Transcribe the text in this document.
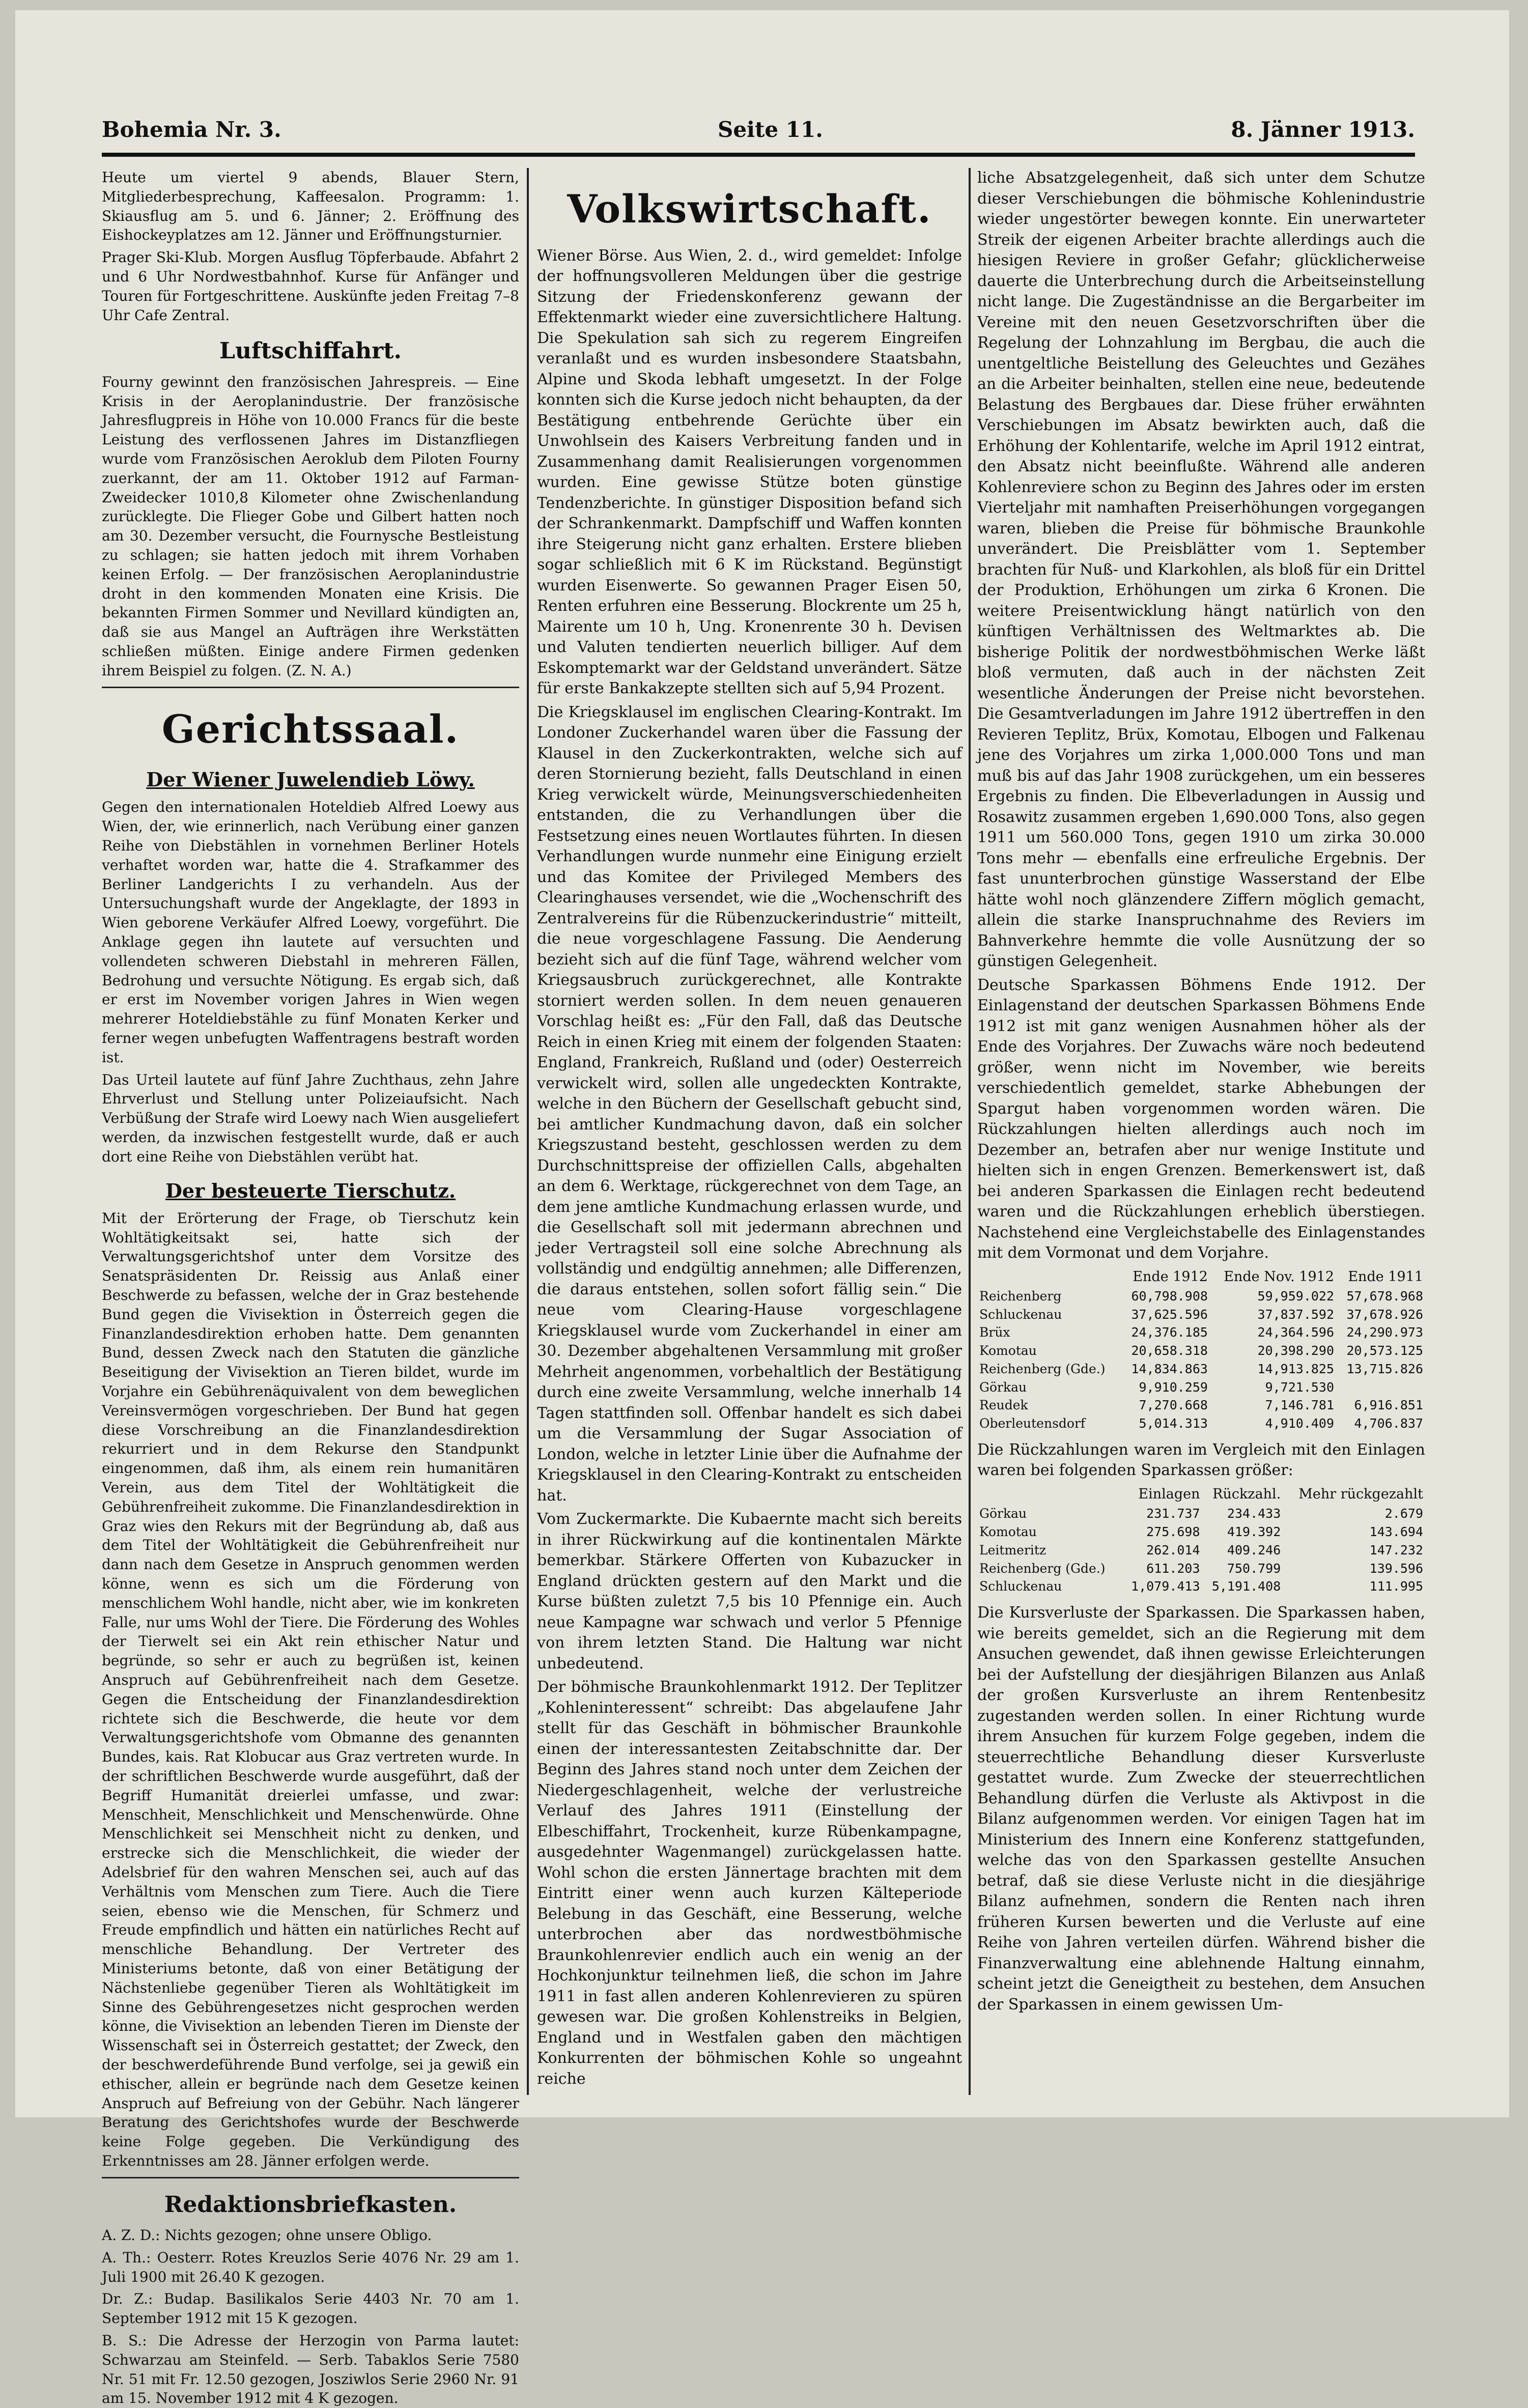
Bohemia Nr. 3.	Seite 11.	8. Jänner 1913.

Heute um viertel 9 abends, Blauer Stern, Mitgliederbesprechung, Kaffeesalon. Programm: 1. Skiausflug am 5. und 6. Jänner; 2. Eröffnung des Eishockeyplatzes am 12. Jänner und Eröffnungsturnier.

Prager Ski-Klub. Morgen Ausflug Töpferbaude. Abfahrt 2 und 6 Uhr Nordwestbahnhof. Kurse für Anfänger und Touren für Fortgeschrittene. Auskünfte jeden Freitag 7–8 Uhr Cafe Zentral.

Luftschiffahrt.

Fourny gewinnt den französischen Jahrespreis. — Eine Krisis in der Aeroplanindustrie. Der französische Jahresflugpreis in Höhe von 10.000 Francs für die beste Leistung des verflossenen Jahres im Distanzfliegen wurde vom Französischen Aeroklub dem Piloten Fourny zuerkannt, der am 11. Oktober 1912 auf Farman-Zweidecker 1010,8 Kilometer ohne Zwischenlandung zurücklegte. Die Flieger Gobe und Gilbert hatten noch am 30. Dezember versucht, die Fournysche Bestleistung zu schlagen; sie hatten jedoch mit ihrem Vorhaben keinen Erfolg. — Der französischen Aeroplanindustrie droht in den kommenden Monaten eine Krisis. Die bekannten Firmen Sommer und Nevillard kündigten an, daß sie aus Mangel an Aufträgen ihre Werkstätten schließen müßten. Einige andere Firmen gedenken ihrem Beispiel zu folgen. (Z. N. A.)

Gerichtssaal.
Der Wiener Juwelendieb Löwy.

Gegen den internationalen Hoteldieb Alfred Loewy aus Wien, der, wie erinnerlich, nach Verübung einer ganzen Reihe von Diebstählen in vornehmen Berliner Hotels verhaftet worden war, hatte die 4. Strafkammer des Berliner Landgerichts I zu verhandeln. Aus der Untersuchungshaft wurde der Angeklagte, der 1893 in Wien geborene Verkäufer Alfred Loewy, vorgeführt. Die Anklage gegen ihn lautete auf versuchten und vollendeten schweren Diebstahl in mehreren Fällen, Bedrohung und versuchte Nötigung. Es ergab sich, daß er erst im November vorigen Jahres in Wien wegen mehrerer Hoteldiebstähle zu fünf Monaten Kerker und ferner wegen unbefugten Waffentragens bestraft worden ist.

Das Urteil lautete auf fünf Jahre Zuchthaus, zehn Jahre Ehrverlust und Stellung unter Polizeiaufsicht. Nach Verbüßung der Strafe wird Loewy nach Wien ausgeliefert werden, da inzwischen festgestellt wurde, daß er auch dort eine Reihe von Diebstählen verübt hat.

Der besteuerte Tierschutz.

Mit der Erörterung der Frage, ob Tierschutz kein Wohltätigkeitsakt sei, hatte sich der Verwaltungsgerichtshof unter dem Vorsitze des Senatspräsidenten Dr. Reissig aus Anlaß einer Beschwerde zu befassen, welche der in Graz bestehende Bund gegen die Vivisektion in Österreich gegen die Finanzlandesdirektion erhoben hatte. Dem genannten Bund, dessen Zweck nach den Statuten die gänzliche Beseitigung der Vivisektion an Tieren bildet, wurde im Vorjahre ein Gebührenäquivalent von dem beweglichen Vereinsvermögen vorgeschrieben. Der Bund hat gegen diese Vorschreibung an die Finanzlandesdirektion rekurriert und in dem Rekurse den Standpunkt eingenommen, daß ihm, als einem rein humanitären Verein, aus dem Titel der Wohltätigkeit die Gebührenfreiheit zukomme. Die Finanzlandesdirektion in Graz wies den Rekurs mit der Begründung ab, daß aus dem Titel der Wohltätigkeit die Gebührenfreiheit nur dann nach dem Gesetze in Anspruch genommen werden könne, wenn es sich um die Förderung von menschlichem Wohl handle, nicht aber, wie im konkreten Falle, nur ums Wohl der Tiere. Die Förderung des Wohles der Tierwelt sei ein Akt rein ethischer Natur und begründe, so sehr er auch zu begrüßen ist, keinen Anspruch auf Gebührenfreiheit nach dem Gesetze. Gegen die Entscheidung der Finanzlandesdirektion richtete sich die Beschwerde, die heute vor dem Verwaltungsgerichtshofe vom Obmanne des genannten Bundes, kais. Rat Klobucar aus Graz vertreten wurde. In der schriftlichen Beschwerde wurde ausgeführt, daß der Begriff Humanität dreierlei umfasse, und zwar: Menschheit, Menschlichkeit und Menschenwürde. Ohne Menschlichkeit sei Menschheit nicht zu denken, und erstrecke sich die Menschlichkeit, die wieder der Adelsbrief für den wahren Menschen sei, auch auf das Verhältnis vom Menschen zum Tiere. Auch die Tiere seien, ebenso wie die Menschen, für Schmerz und Freude empfindlich und hätten ein natürliches Recht auf menschliche Behandlung. Der Vertreter des Ministeriums betonte, daß von einer Betätigung der Nächstenliebe gegenüber Tieren als Wohltätigkeit im Sinne des Gebührengesetzes nicht gesprochen werden könne, die Vivisektion an lebenden Tieren im Dienste der Wissenschaft sei in Österreich gestattet; der Zweck, den der beschwerdeführende Bund verfolge, sei ja gewiß ein ethischer, allein er begründe nach dem Gesetze keinen Anspruch auf Befreiung von der Gebühr. Nach längerer Beratung des Gerichtshofes wurde der Beschwerde keine Folge gegeben. Die Verkündigung des Erkenntnisses am 28. Jänner erfolgen werde.

Redaktionsbriefkasten.

A. Z. D.: Nichts gezogen; ohne unsere Obligo.

A. Th.: Oesterr. Rotes Kreuzlos Serie 4076 Nr. 29 am 1. Juli 1900 mit 26.40 K gezogen.

Dr. Z.: Budap. Basilikalos Serie 4403 Nr. 70 am 1. September 1912 mit 15 K gezogen.

B. S.: Die Adresse der Herzogin von Parma lautet: Schwarzau am Steinfeld. — Serb. Tabaklos Serie 7580 Nr. 51 mit Fr. 12.50 gezogen, Josziwlos Serie 2960 Nr. 91 am 15. November 1912 mit 4 K gezogen.

Volkswirtschaft.

Wiener Börse. Aus Wien, 2. d., wird gemeldet: Infolge der hoffnungsvolleren Meldungen über die gestrige Sitzung der Friedenskonferenz gewann der Effektenmarkt wieder eine zuversichtlichere Haltung. Die Spekulation sah sich zu regerem Eingreifen veranlaßt und es wurden insbesondere Staatsbahn, Alpine und Skoda lebhaft umgesetzt. In der Folge konnten sich die Kurse jedoch nicht behaupten, da der Bestätigung entbehrende Gerüchte über ein Unwohlsein des Kaisers Verbreitung fanden und in Zusammenhang damit Realisierungen vorgenommen wurden. Eine gewisse Stütze boten günstige Tendenzberichte. In günstiger Disposition befand sich der Schrankenmarkt. Dampfschiff und Waffen konnten ihre Steigerung nicht ganz erhalten. Erstere blieben sogar schließlich mit 6 K im Rückstand. Begünstigt wurden Eisenwerte. So gewannen Prager Eisen 50, Renten erfuhren eine Besserung. Blockrente um 25 h, Mairente um 10 h, Ung. Kronenrente 30 h. Devisen und Valuten tendierten neuerlich billiger. Auf dem Eskomptemarkt war der Geldstand unverändert. Sätze für erste Bankakzepte stellten sich auf 5,94 Prozent.

Die Kriegsklausel im englischen Clearing-Kontrakt. Im Londoner Zuckerhandel waren über die Fassung der Klausel in den Zuckerkontrakten, welche sich auf deren Stornierung bezieht, falls Deutschland in einen Krieg verwickelt würde, Meinungsverschiedenheiten entstanden, die zu Verhandlungen über die Festsetzung eines neuen Wortlautes führten. In diesen Verhandlungen wurde nunmehr eine Einigung erzielt und das Komitee der Privileged Members des Clearinghauses versendet, wie die „Wochenschrift des Zentralvereins für die Rübenzuckerindustrie“ mitteilt, die neue vorgeschlagene Fassung. Die Aenderung bezieht sich auf die fünf Tage, während welcher vom Kriegsausbruch zurückgerechnet, alle Kontrakte storniert werden sollen. In dem neuen genaueren Vorschlag heißt es: „Für den Fall, daß das Deutsche Reich in einen Krieg mit einem der folgenden Staaten: England, Frankreich, Rußland und (oder) Oesterreich verwickelt wird, sollen alle ungedeckten Kontrakte, welche in den Büchern der Gesellschaft gebucht sind, bei amtlicher Kundmachung davon, daß ein solcher Kriegszustand besteht, geschlossen werden zu dem Durchschnittspreise der offiziellen Calls, abgehalten an dem 6. Werktage, rückgerechnet von dem Tage, an dem jene amtliche Kundmachung erlassen wurde, und die Gesellschaft soll mit jedermann abrechnen und jeder Vertragsteil soll eine solche Abrechnung als vollständig und endgültig annehmen; alle Differenzen, die daraus entstehen, sollen sofort fällig sein.“ Die neue vom Clearing-Hause vorgeschlagene Kriegsklausel wurde vom Zuckerhandel in einer am 30. Dezember abgehaltenen Versammlung mit großer Mehrheit angenommen, vorbehaltlich der Bestätigung durch eine zweite Versammlung, welche innerhalb 14 Tagen stattfinden soll. Offenbar handelt es sich dabei um die Versammlung der Sugar Association of London, welche in letzter Linie über die Aufnahme der Kriegsklausel in den Clearing-Kontrakt zu entscheiden hat.

Vom Zuckermarkte. Die Kubaernte macht sich bereits in ihrer Rückwirkung auf die kontinentalen Märkte bemerkbar. Stärkere Offerten von Kubazucker in England drückten gestern auf den Markt und die Kurse büßten zuletzt 7,5 bis 10 Pfennige ein. Auch neue Kampagne war schwach und verlor 5 Pfennige von ihrem letzten Stand. Die Haltung war nicht unbedeutend.

Der böhmische Braunkohlenmarkt 1912. Der Teplitzer „Kohleninteressent“ schreibt: Das abgelaufene Jahr stellt für das Geschäft in böhmischer Braunkohle einen der interessantesten Zeitabschnitte dar. Der Beginn des Jahres stand noch unter dem Zeichen der Niedergeschlagenheit, welche der verlustreiche Verlauf des Jahres 1911 (Einstellung der Elbeschiffahrt, Trockenheit, kurze Rübenkampagne, ausgedehnter Wagenmangel) zurückgelassen hatte. Wohl schon die ersten Jännertage brachten mit dem Eintritt einer wenn auch kurzen Kälteperiode Belebung in das Geschäft, eine Besserung, welche unterbrochen aber das nordwestböhmische Braunkohlenrevier endlich auch ein wenig an der Hochkonjunktur teilnehmen ließ, die schon im Jahre 1911 in fast allen anderen Kohlenrevieren zu spüren gewesen war. Die großen Kohlenstreiks in Belgien, England und in Westfalen gaben den mächtigen Konkurrenten der böhmischen Kohle so ungeahnt reiche

liche Absatzgelegenheit, daß sich unter dem Schutze dieser Verschiebungen die böhmische Kohlenindustrie wieder ungestörter bewegen konnte. Ein unerwarteter Streik der eigenen Arbeiter brachte allerdings auch die hiesigen Reviere in großer Gefahr; glücklicherweise dauerte die Unterbrechung durch die Arbeitseinstellung nicht lange. Die Zugeständnisse an die Bergarbeiter im Vereine mit den neuen Gesetzvorschriften über die Regelung der Lohnzahlung im Bergbau, die auch die unentgeltliche Beistellung des Geleuchtes und Gezähes an die Arbeiter beinhalten, stellen eine neue, bedeutende Belastung des Bergbaues dar. Diese früher erwähnten Verschiebungen im Absatz bewirkten auch, daß die Erhöhung der Kohlentarife, welche im April 1912 eintrat, den Absatz nicht beeinflußte. Während alle anderen Kohlenreviere schon zu Beginn des Jahres oder im ersten Vierteljahr mit namhaften Preiserhöhungen vorgegangen waren, blieben die Preise für böhmische Braunkohle unverändert. Die Preisblätter vom 1. September brachten für Nuß- und Klarkohlen, als bloß für ein Drittel der Produktion, Erhöhungen um zirka 6 Kronen. Die weitere Preisentwicklung hängt natürlich von den künftigen Verhältnissen des Weltmarktes ab. Die bisherige Politik der nordwestböhmischen Werke läßt bloß vermuten, daß auch in der nächsten Zeit wesentliche Änderungen der Preise nicht bevorstehen. Die Gesamtverladungen im Jahre 1912 übertreffen in den Revieren Teplitz, Brüx, Komotau, Elbogen und Falkenau jene des Vorjahres um zirka 1,000.000 Tons und man muß bis auf das Jahr 1908 zurückgehen, um ein besseres Ergebnis zu finden. Die Elbeverladungen in Aussig und Rosawitz zusammen ergeben 1,690.000 Tons, also gegen 1911 um 560.000 Tons, gegen 1910 um zirka 30.000 Tons mehr — ebenfalls eine erfreuliche Ergebnis. Der fast ununterbrochen günstige Wasserstand der Elbe hätte wohl noch glänzendere Ziffern möglich gemacht, allein die starke Inanspruchnahme des Reviers im Bahnverkehre hemmte die volle Ausnützung der so günstigen Gelegenheit.

Deutsche Sparkassen Böhmens Ende 1912. Der Einlagenstand der deutschen Sparkassen Böhmens Ende 1912 ist mit ganz wenigen Ausnahmen höher als der Ende des Vorjahres. Der Zuwachs wäre noch bedeutend größer, wenn nicht im November, wie bereits verschiedentlich gemeldet, starke Abhebungen der Spargut haben vorgenommen worden wären. Die Rückzahlungen hielten allerdings auch noch im Dezember an, betrafen aber nur wenige Institute und hielten sich in engen Grenzen. Bemerkenswert ist, daß bei anderen Sparkassen die Einlagen recht bedeutend waren und die Rückzahlungen erheblich überstiegen. Nachstehend eine Vergleichstabelle des Einlagenstandes mit dem Vormonat und dem Vorjahre.

	Ende 1912	Ende Nov. 1912	Ende 1911
Reichenberg	60,798.908	59,959.022	57,678.968
Schluckenau	37,625.596	37,837.592	37,678.926
Brüx	24,376.185	24,364.596	24,290.973
Komotau	20,658.318	20,398.290	20,573.125
Reichenberg (Gde.)	14,834.863	14,913.825	13,715.826
Görkau	9,910.259	9,721.530	
Reudek	7,270.668	7,146.781	6,916.851
Oberleutensdorf	5,014.313	4,910.409	4,706.837

Die Rückzahlungen waren im Vergleich mit den Einlagen waren bei folgenden Sparkassen größer:

	Einlagen	Rückzahl.	Mehr rückgezahlt
Görkau	231.737	234.433	2.679
Komotau	275.698	419.392	143.694
Leitmeritz	262.014	409.246	147.232
Reichenberg (Gde.)	611.203	750.799	139.596
Schluckenau	1,079.413	5,191.408	111.995

Die Kursverluste der Sparkassen. Die Sparkassen haben, wie bereits gemeldet, sich an die Regierung mit dem Ansuchen gewendet, daß ihnen gewisse Erleichterungen bei der Aufstellung der diesjährigen Bilanzen aus Anlaß der großen Kursverluste an ihrem Rentenbesitz zugestanden werden sollen. In einer Richtung wurde ihrem Ansuchen für kurzem Folge gegeben, indem die steuerrechtliche Behandlung dieser Kursverluste gestattet wurde. Zum Zwecke der steuerrechtlichen Behandlung dürfen die Verluste als Aktivpost in die Bilanz aufgenommen werden. Vor einigen Tagen hat im Ministerium des Innern eine Konferenz stattgefunden, welche das von den Sparkassen gestellte Ansuchen betraf, daß sie diese Verluste nicht in die diesjährige Bilanz aufnehmen, sondern die Renten nach ihren früheren Kursen bewerten und die Verluste auf eine Reihe von Jahren verteilen dürfen. Während bisher die Finanzverwaltung eine ablehnende Haltung einnahm, scheint jetzt die Geneigtheit zu bestehen, dem Ansuchen der Sparkassen in einem gewissen Um-
